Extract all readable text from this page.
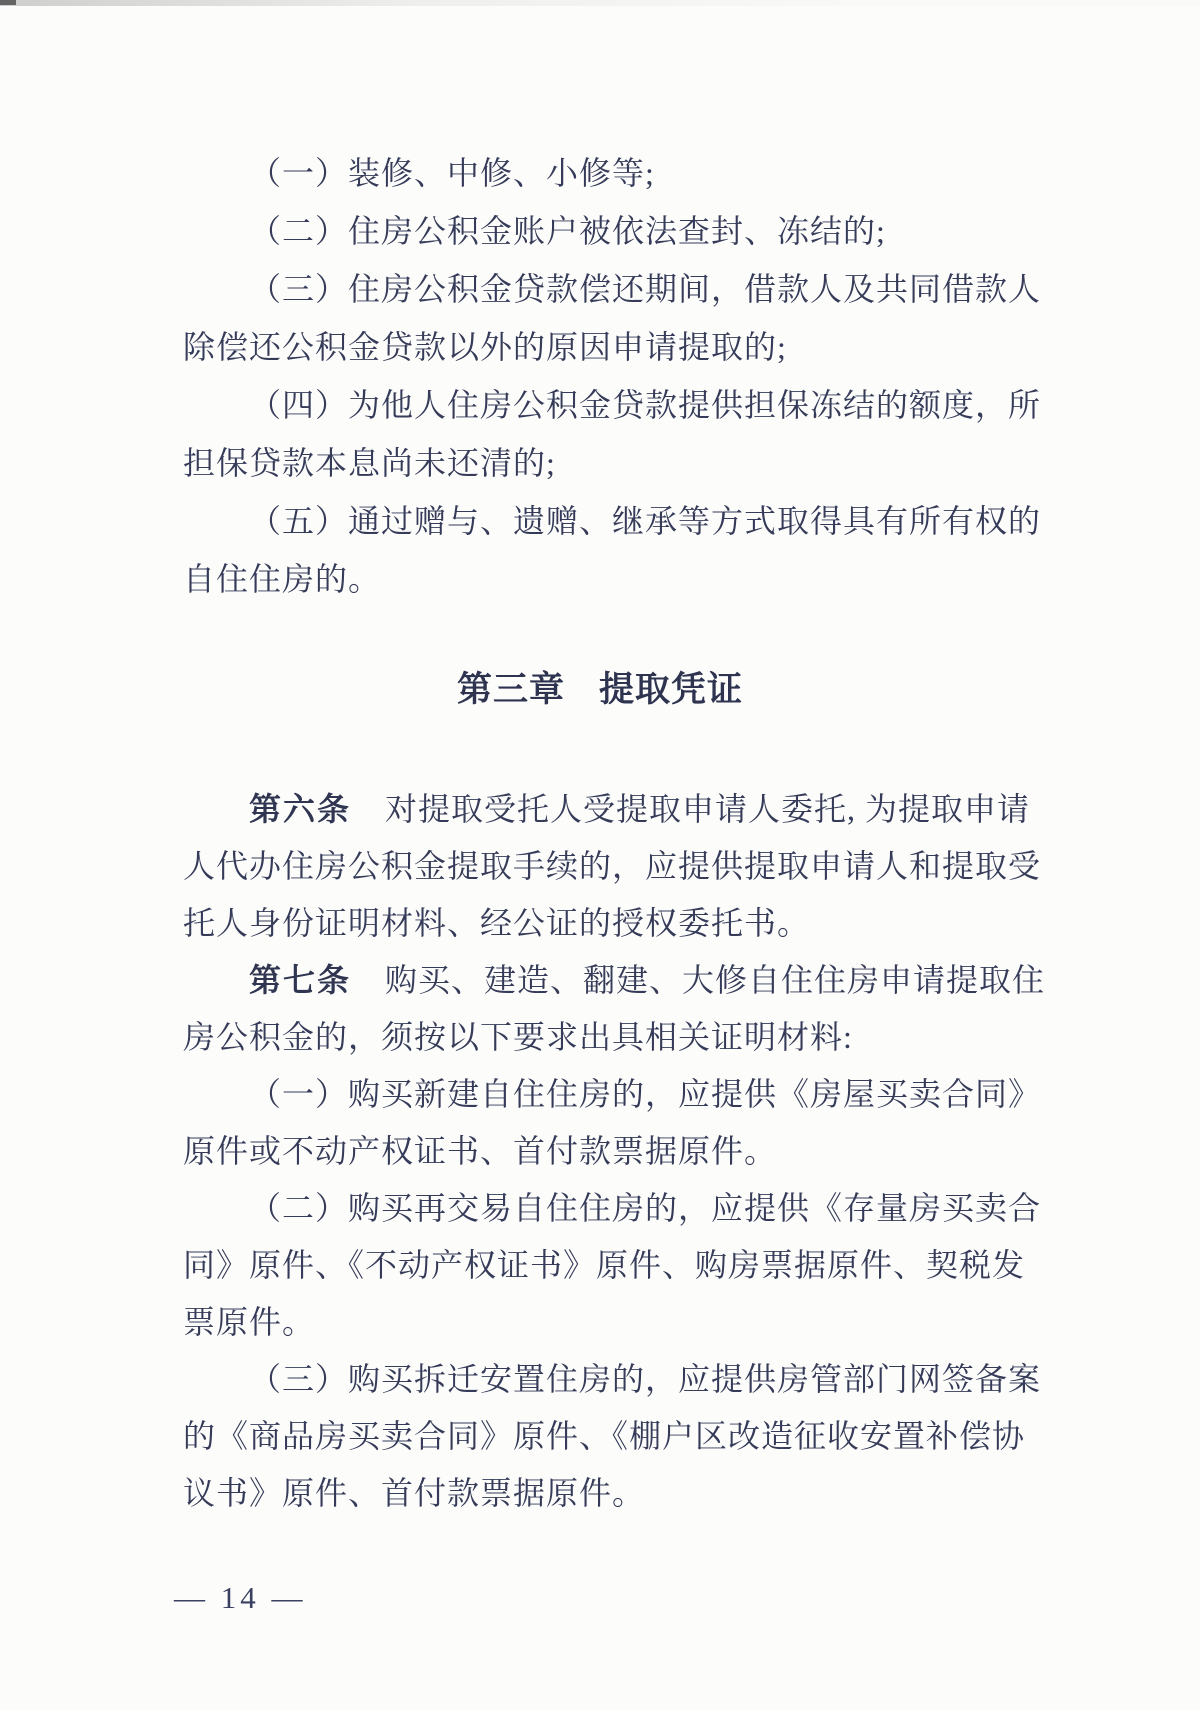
（一）装修、中修、小修等;
（二）住房公积金账户被依法查封、冻结的;
（三）住房公积金贷款偿还期间，借款人及共同借款人
除偿还公积金贷款以外的原因申请提取的;
（四）为他人住房公积金贷款提供担保冻结的额度，所
担保贷款本息尚未还清的;
（五）通过赠与、遗赠、继承等方式取得具有所有权的
自住住房的。
第三章 提取凭证
第六条 对提取受托人受提取申请人委托, 为提取申请
人代办住房公积金提取手续的，应提供提取申请人和提取受
托人身份证明材料、经公证的授权委托书。
第七条 购买、建造、翻建、大修自住住房申请提取住
房公积金的，须按以下要求出具相关证明材料:
（一）购买新建自住住房的，应提供《房屋买卖合同》
原件或不动产权证书、首付款票据原件。
（二）购买再交易自住住房的，应提供《存量房买卖合
同》原件、《不动产权证书》原件、购房票据原件、契税发
票原件。
（三）购买拆迁安置住房的，应提供房管部门网签备案
的《商品房买卖合同》原件、《棚户区改造征收安置补偿协
议书》原件、首付款票据原件。
— 14 —
